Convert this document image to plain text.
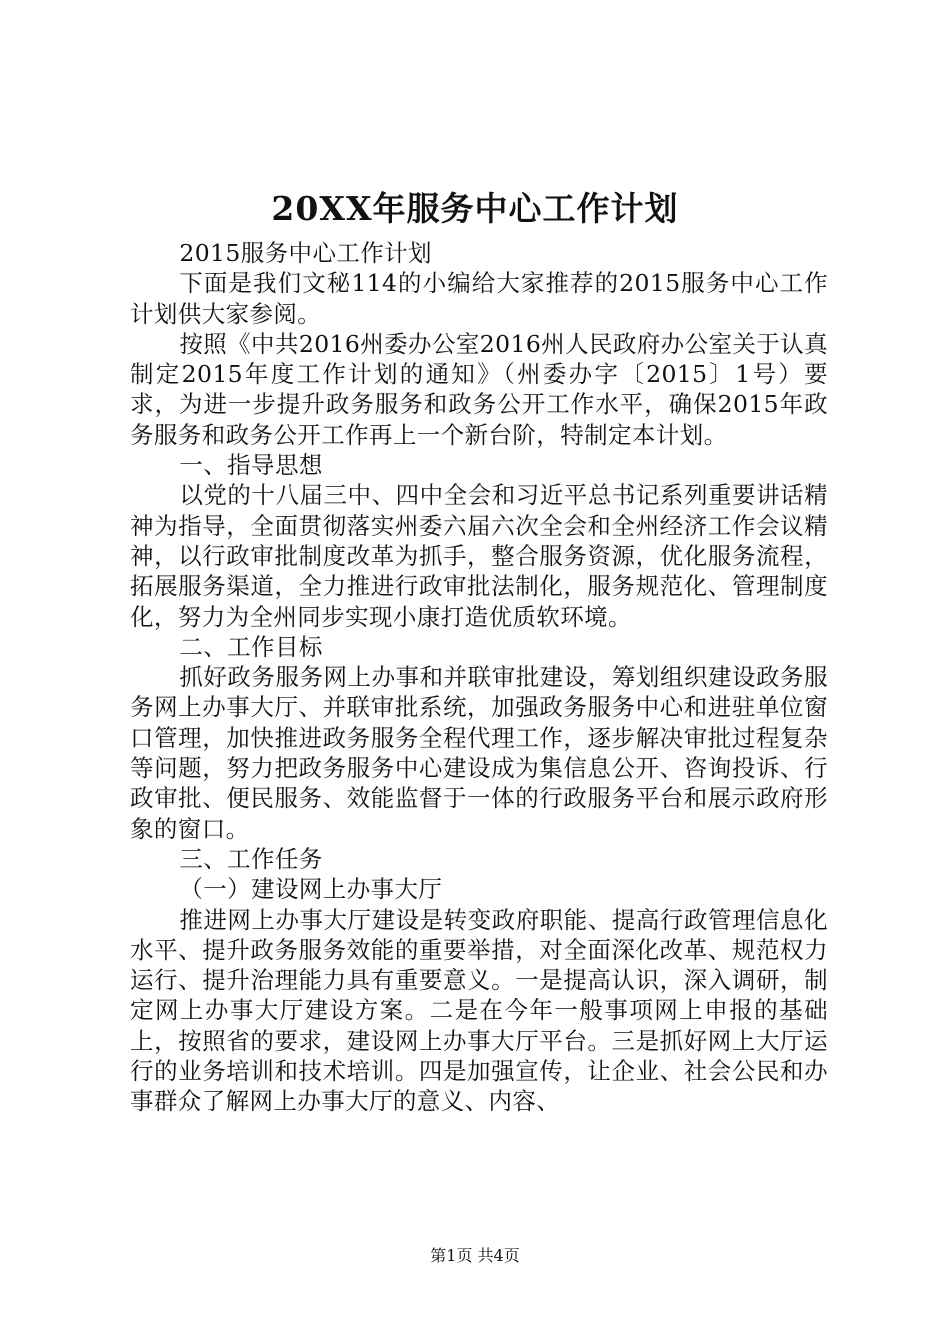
20XX年服务中心工作计划

2015服务中心工作计划

下面是我们文秘114的小编给大家推荐的2015服务中心工作计划供大家参阅。

按照《中共2016州委办公室2016州人民政府办公室关于认真制定2015年度工作计划的通知》（州委办字〔2015〕1号）要求，为进一步提升政务服务和政务公开工作水平，确保2015年政务服务和政务公开工作再上一个新台阶，特制定本计划。

一、指导思想

以党的十八届三中、四中全会和习近平总书记系列重要讲话精神为指导，全面贯彻落实州委六届六次全会和全州经济工作会议精神，以行政审批制度改革为抓手，整合服务资源，优化服务流程，拓展服务渠道，全力推进行政审批法制化，服务规范化、管理制度化，努力为全州同步实现小康打造优质软环境。

二、工作目标

抓好政务服务网上办事和并联审批建设，筹划组织建设政务服务网上办事大厅、并联审批系统，加强政务服务中心和进驻单位窗口管理，加快推进政务服务全程代理工作，逐步解决审批过程复杂等问题，努力把政务服务中心建设成为集信息公开、咨询投诉、行政审批、便民服务、效能监督于一体的行政服务平台和展示政府形象的窗口。

三、工作任务

（一）建设网上办事大厅

推进网上办事大厅建设是转变政府职能、提高行政管理信息化水平、提升政务服务效能的重要举措，对全面深化改革、规范权力运行、提升治理能力具有重要意义。一是提高认识，深入调研，制定网上办事大厅建设方案。二是在今年一般事项网上申报的基础上，按照省的要求，建设网上办事大厅平台。三是抓好网上大厅运行的业务培训和技术培训。四是加强宣传，让企业、社会公民和办事群众了解网上办事大厅的意义、内容、

第1页 共4页
